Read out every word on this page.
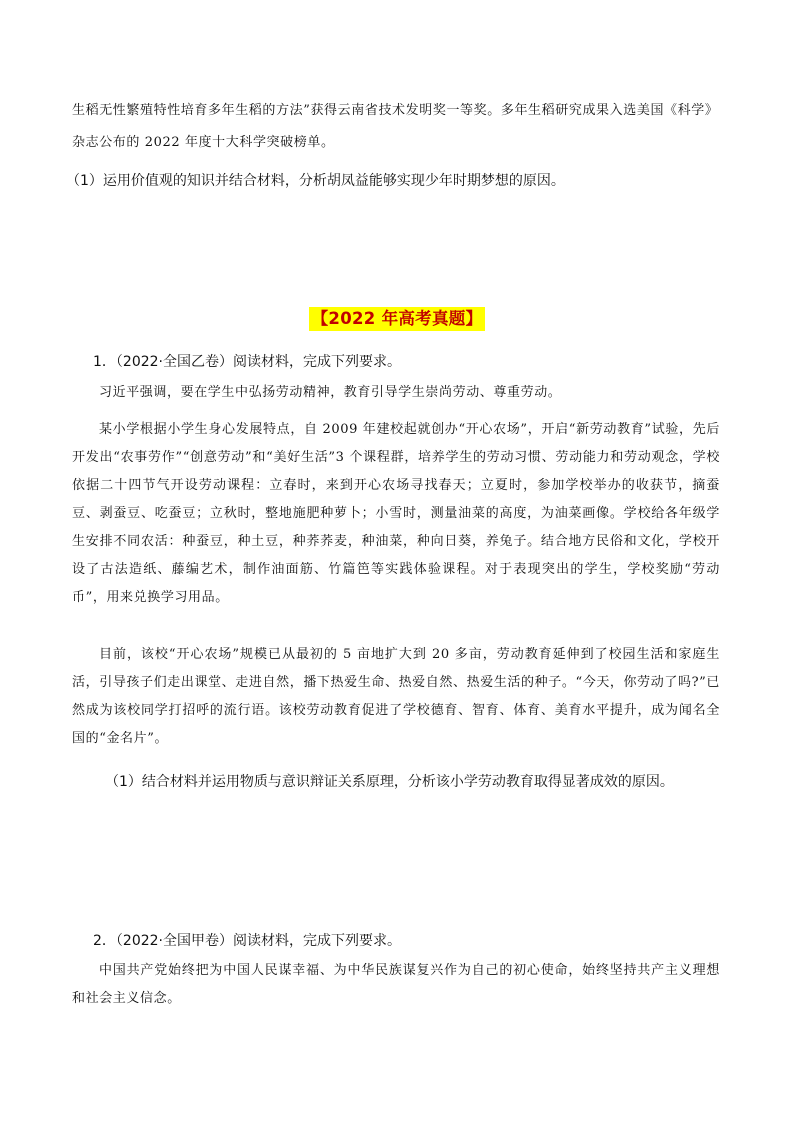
生稻无性繁殖特性培育多年生稻的方法”获得云南省技术发明奖一等奖。多年生稻研究成果入选美国《科学》

杂志公布的 2022 年度十大科学突破榜单。

（1）运用价值观的知识并结合材料，分析胡凤益能够实现少年时期梦想的原因。

【2022 年高考真题】

1．（2022·全国乙卷）阅读材料，完成下列要求。

习近平强调，要在学生中弘扬劳动精神，教育引导学生崇尚劳动、尊重劳动。

某小学根据小学生身心发展特点，自 2009 年建校起就创办“开心农场”，开启“新劳动教育”试验，先后开发出“农事劳作”“创意劳动”和“美好生活”3 个课程群，培养学生的劳动习惯、劳动能力和劳动观念，学校依据二十四节气开设劳动课程：立春时，来到开心农场寻找春天；立夏时，参加学校举办的收获节，摘蚕豆、剥蚕豆、吃蚕豆；立秋时，整地施肥种萝卜；小雪时，测量油菜的高度，为油菜画像。学校给各年级学生安排不同农活：种蚕豆，种土豆，种荞荞麦，种油菜，种向日葵，养兔子。结合地方民俗和文化，学校开设了古法造纸、藤编艺术，制作油面筋、竹篇笆等实践体验课程。对于表现突出的学生，学校奖励“劳动币”，用来兑换学习用品。

目前，该校“开心农场”规模已从最初的 5 亩地扩大到 20 多亩，劳动教育延伸到了校园生活和家庭生活，引导孩子们走出课堂、走进自然，播下热爱生命、热爱自然、热爱生活的种子。“今天，你劳动了吗?”已然成为该校同学打招呼的流行语。该校劳动教育促进了学校德育、智育、体育、美育水平提升，成为闻名全国的“金名片”。

（1）结合材料并运用物质与意识辩证关系原理，分析该小学劳动教育取得显著成效的原因。

2．（2022·全国甲卷）阅读材料，完成下列要求。

中国共产党始终把为中国人民谋幸福、为中华民族谋复兴作为自己的初心使命，始终坚持共产主义理想和社会主义信念。
